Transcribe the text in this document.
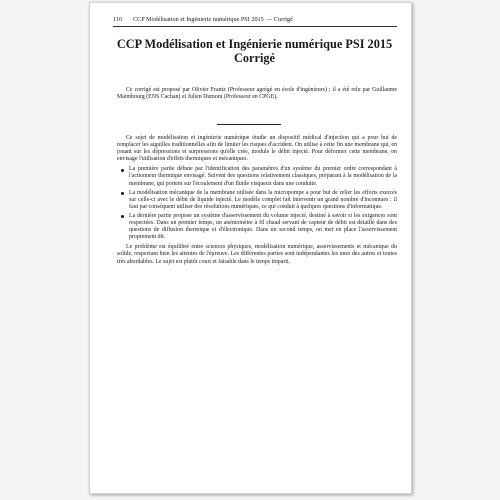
110	CCP Modélisation et Ingénierie numérique PSI 2015 — Corrigé
CCP Modélisation et Ingénierie numérique PSI 2015
Corrigé

Ce corrigé est proposé par Olivier Frantz (Professeur agrégé en école d'ingénieurs) ; il a été relu par Guillaume Maimbourg (ENS Cachan) et Julien Dumont (Professeur en CPGE).

Ce sujet de modélisation et ingénierie numérique étudie un dispositif médical d'injection qui a pour but de remplacer les aiguilles traditionnelles afin de limiter les risques d'accident. On utilise à cette fin une membrane qui, en jouant sur les dépressions et surpressions qu'elle crée, module le débit injecté. Pour déformer cette membrane, on envisage l'utilisation d'effets thermiques et mécaniques.

La première partie débute par l'identification des paramètres d'un système du premier ordre correspondant à l'actionneur thermique envisagé. Suivent des questions relativement classiques, préparant à la modélisation de la membrane, qui portent sur l'écoulement d'un fluide visqueux dans une conduite.
La modélisation mécanique de la membrane utilisée dans la micropompe a pour but de relier les efforts exercés sur celle-ci avec le débit de liquide injecté. Le modèle complet fait intervenir un grand nombre d'inconnues : il faut par conséquent utiliser des résolutions numériques, ce qui conduit à quelques questions d'informatique.
La dernière partie propose un système d'asservissement du volume injecté, destiné à savoir si les exigences sont respectées. Dans un premier temps, un anémomètre à fil chaud servant de capteur de débit est détaillé dans des questions de diffusion thermique et d'électronique. Dans un second temps, on met en place l'asservissement proprement dit.

Le problème est équilibré entre sciences physiques, modélisation numérique, asservissements et mécanique du solide, respectant bien les attentes de l'épreuve. Les différentes parties sont indépendantes les unes des autres et toutes très abordables. Le sujet est plutôt court et faisable dans le temps imparti.
